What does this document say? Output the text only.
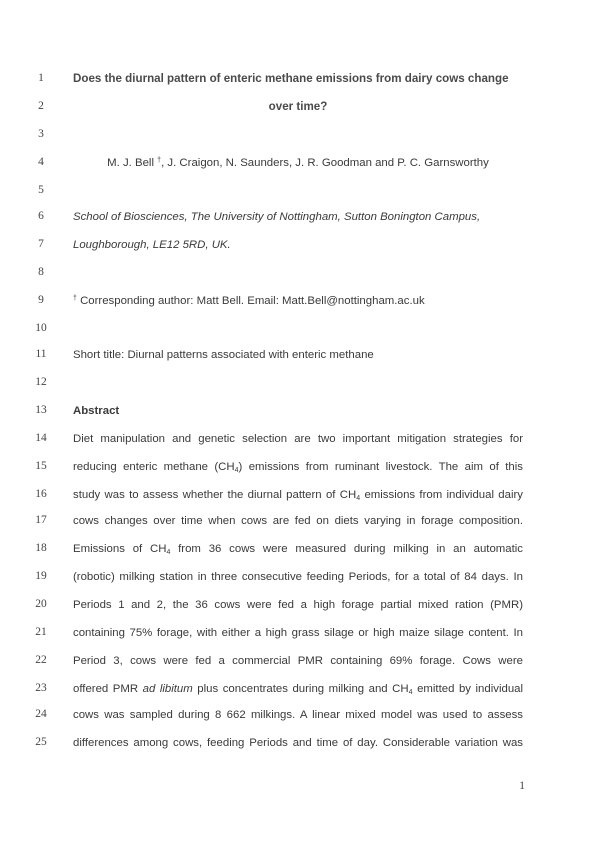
1
2
3
4
5
6
7
8
9
10
11
12
13
14
15
16
17
18
19
20
21
22
23
24
25
Does the diurnal pattern of enteric methane emissions from dairy cows change
over time?
M. J. Bell †, J. Craigon, N. Saunders, J. R. Goodman and P. C. Garnsworthy
School of Biosciences, The University of Nottingham, Sutton Bonington Campus,
Loughborough, LE12 5RD, UK.
† Corresponding author: Matt Bell. Email: Matt.Bell@nottingham.ac.uk
Short title: Diurnal patterns associated with enteric methane
Abstract
Diet manipulation and genetic selection are two important mitigation strategies for
reducing enteric methane $(CH_4)$ emissions from ruminant livestock. The aim of this
study was to assess whether the diurnal pattern of $CH_4$ emissions from individual dairy
cows changes over time when cows are fed on diets varying in forage composition.
Emissions of $CH_4$ from 36 cows were measured during milking in an automatic
(robotic) milking station in three consecutive feeding Periods, for a total of 84 days. In
Periods 1 and 2, the 36 cows were fed a high forage partial mixed ration (PMR)
containing 75% forage, with either a high grass silage or high maize silage content. In
Period 3, cows were fed a commercial PMR containing 69% forage. Cows were
offered PMR ad libitum plus concentrates during milking and $CH_4$ emitted by individual
cows was sampled during 8 662 milkings. A linear mixed model was used to assess
differences among cows, feeding Periods and time of day. Considerable variation was
1
